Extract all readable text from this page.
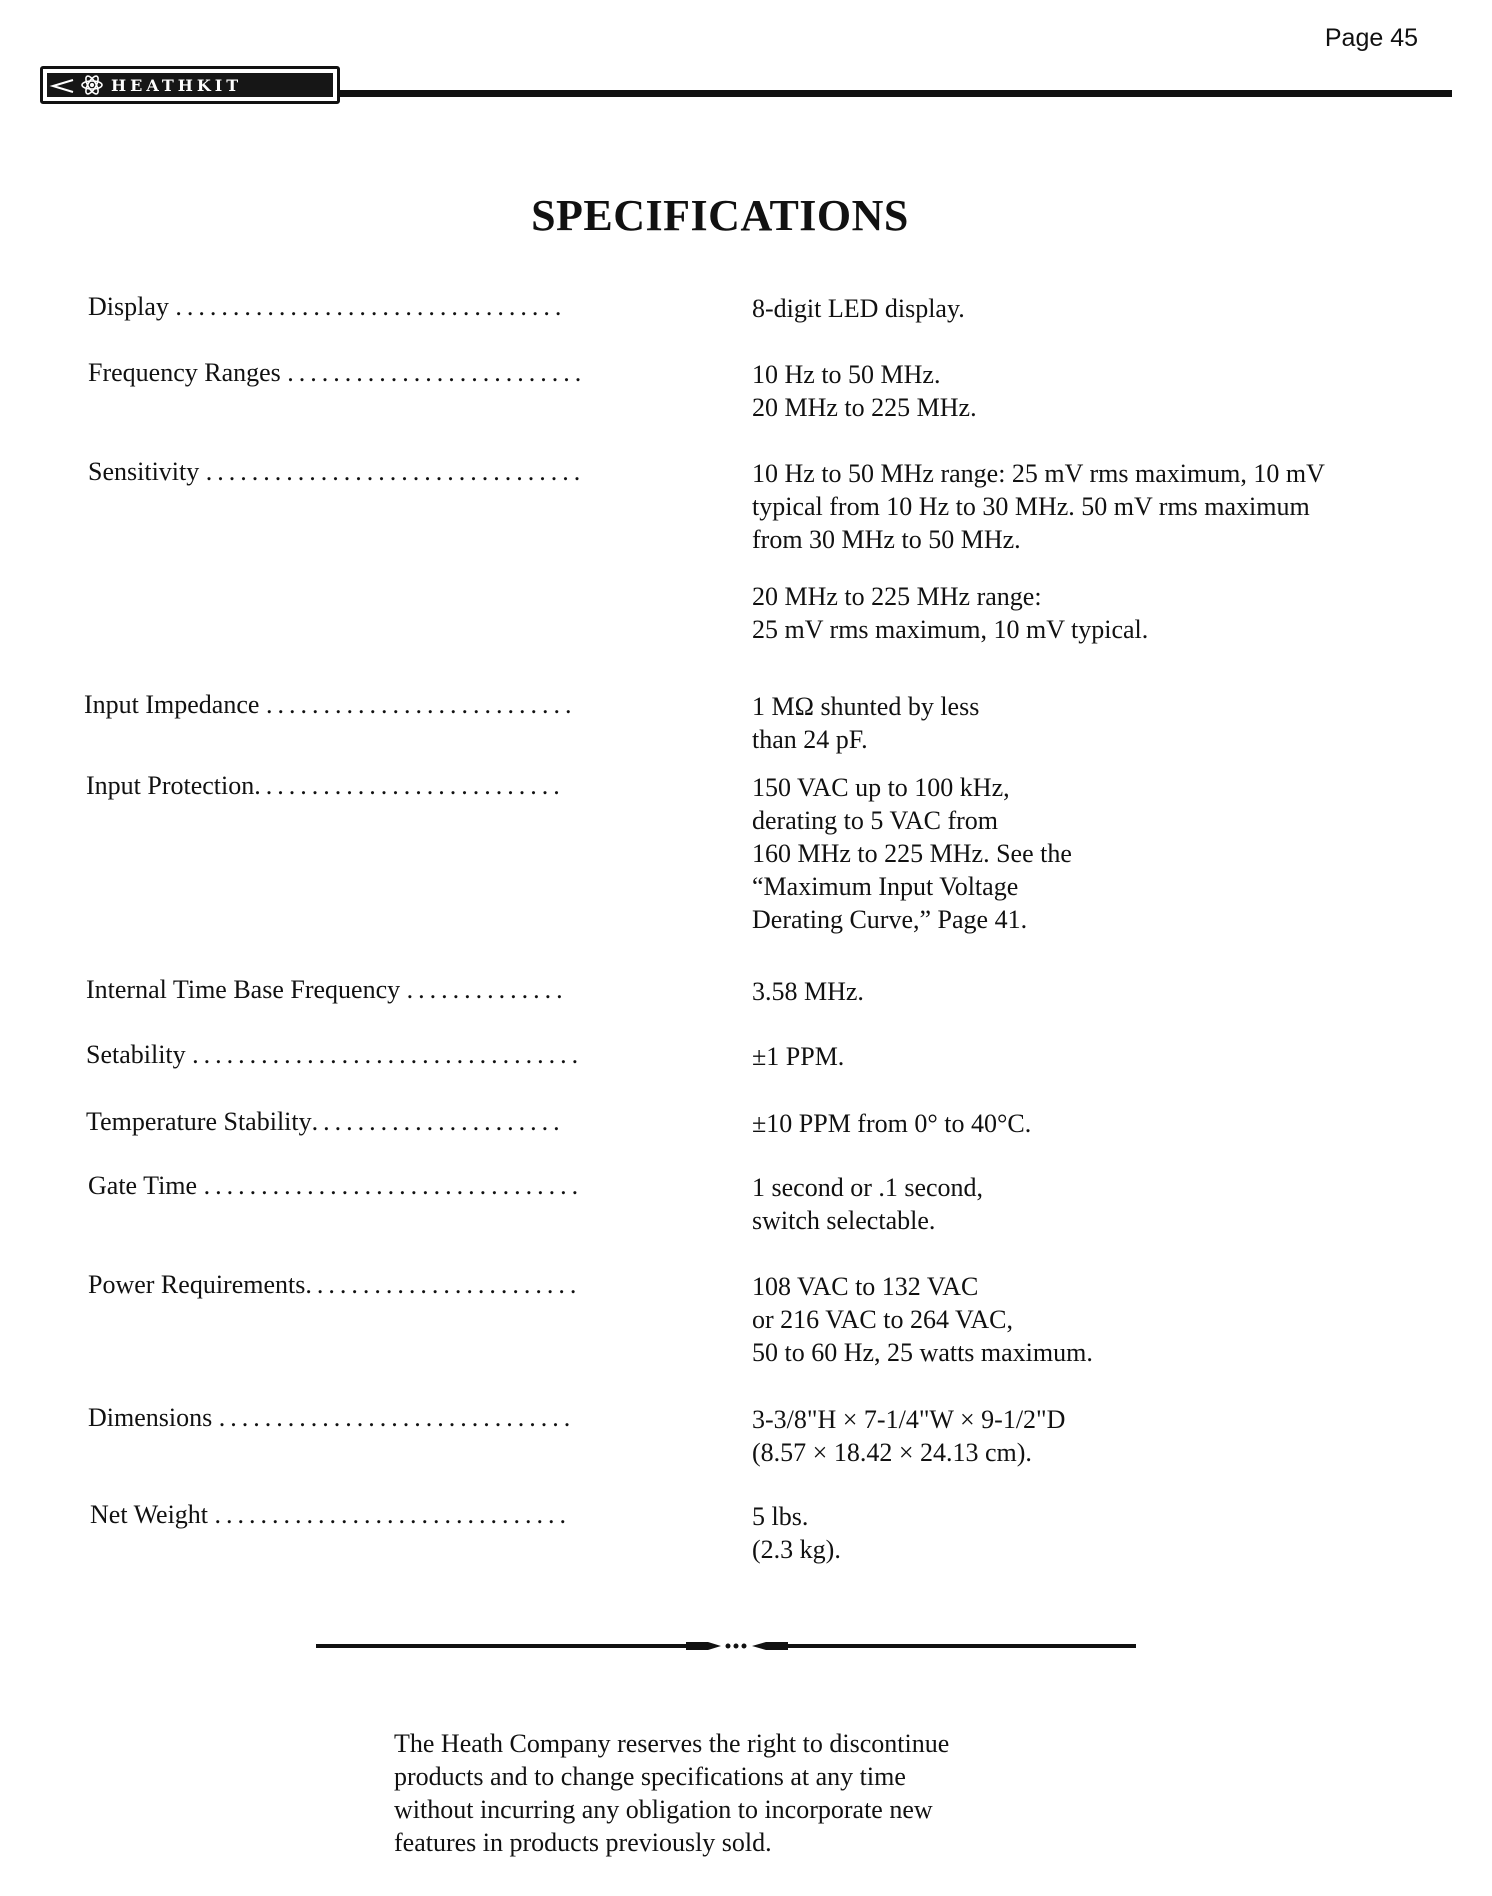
Page 45
HEATHKIT
SPECIFICATIONS
Display ..................................	8-digit LED display.
Frequency Ranges ..........................	10 Hz to 50 MHz.
20 MHz to 225 MHz.
Sensitivity .................................	10 Hz to 50 MHz range: 25 mV rms maximum, 10 mV
typical from 10 Hz to 30 MHz. 50 mV rms maximum
from 30 MHz to 50 MHz.
20 MHz to 225 MHz range:
25 mV rms maximum, 10 mV typical.
Input Impedance ...........................	1 MΩ shunted by less
than 24 pF.
Input Protection...........................	150 VAC up to 100 kHz,
derating to 5 VAC from
160 MHz to 225 MHz. See the
“Maximum Input Voltage
Derating Curve,” Page 41.
Internal Time Base Frequency ..............	3.58 MHz.
Setability ..................................	±1 PPM.
Temperature Stability......................	±10 PPM from 0° to 40°C.
Gate Time .................................	1 second or .1 second,
switch selectable.
Power Requirements........................	108 VAC to 132 VAC
or 216 VAC to 264 VAC,
50 to 60 Hz, 25 watts maximum.
Dimensions ...............................	3-3/8"H × 7-1/4"W × 9-1/2"D
(8.57 × 18.42 × 24.13 cm).
Net Weight ...............................	5 lbs.
(2.3 kg).
The Heath Company reserves the right to discontinue
products and to change specifications at any time
without incurring any obligation to incorporate new
features in products previously sold.
